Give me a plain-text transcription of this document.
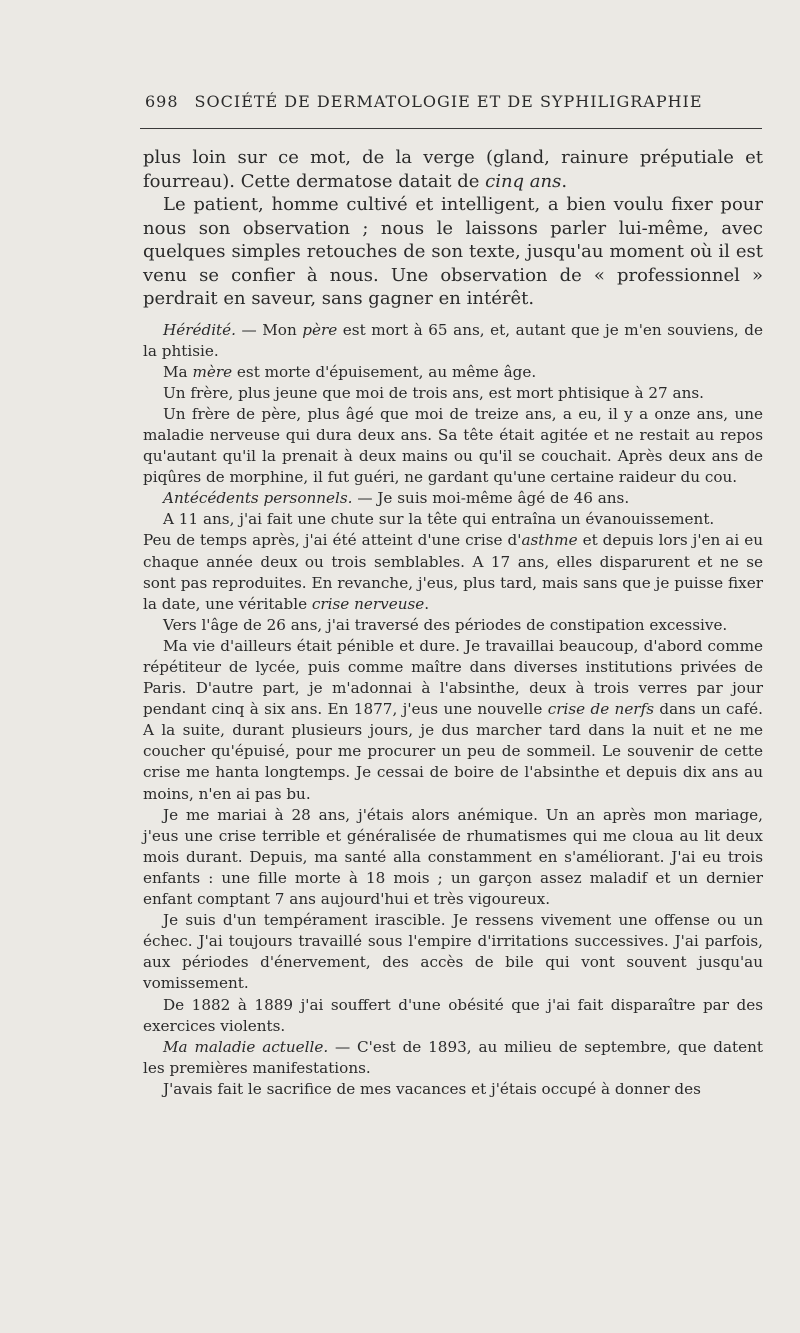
698 SOCIÉTÉ DE DERMATOLOGIE ET DE SYPHILIGRAPHIE

plus loin sur ce mot, de la verge (gland, rainure préputiale et fourreau). Cette dermatose datait de cinq ans.

Le patient, homme cultivé et intelligent, a bien voulu fixer pour nous son observation ; nous le laissons parler lui-même, avec quelques simples retouches de son texte, jusqu'au moment où il est venu se confier à nous. Une observation de « professionnel » perdrait en saveur, sans gagner en intérêt.

Hérédité. — Mon père est mort à 65 ans, et, autant que je m'en souviens, de la phtisie.

Ma mère est morte d'épuisement, au même âge.

Un frère, plus jeune que moi de trois ans, est mort phtisique à 27 ans.

Un frère de père, plus âgé que moi de treize ans, a eu, il y a onze ans, une maladie nerveuse qui dura deux ans. Sa tête était agitée et ne restait au repos qu'autant qu'il la prenait à deux mains ou qu'il se couchait. Après deux ans de piqûres de morphine, il fut guéri, ne gardant qu'une certaine raideur du cou.

Antécédents personnels. — Je suis moi-même âgé de 46 ans.

A 11 ans, j'ai fait une chute sur la tête qui entraîna un évanouissement.

Peu de temps après, j'ai été atteint d'une crise d'asthme et depuis lors j'en ai eu chaque année deux ou trois semblables. A 17 ans, elles disparurent et ne se sont pas reproduites. En revanche, j'eus, plus tard, mais sans que je puisse fixer la date, une véritable crise nerveuse.

Vers l'âge de 26 ans, j'ai traversé des périodes de constipation excessive.

Ma vie d'ailleurs était pénible et dure. Je travaillai beaucoup, d'abord comme répétiteur de lycée, puis comme maître dans diverses institutions privées de Paris. D'autre part, je m'adonnai à l'absinthe, deux à trois verres par jour pendant cinq à six ans. En 1877, j'eus une nouvelle crise de nerfs dans un café. A la suite, durant plusieurs jours, je dus marcher tard dans la nuit et ne me coucher qu'épuisé, pour me procurer un peu de sommeil. Le souvenir de cette crise me hanta longtemps. Je cessai de boire de l'absinthe et depuis dix ans au moins, n'en ai pas bu.

Je me mariai à 28 ans, j'étais alors anémique. Un an après mon mariage, j'eus une crise terrible et généralisée de rhumatismes qui me cloua au lit deux mois durant. Depuis, ma santé alla constamment en s'améliorant. J'ai eu trois enfants : une fille morte à 18 mois ; un garçon assez maladif et un dernier enfant comptant 7 ans aujourd'hui et très vigoureux.

Je suis d'un tempérament irascible. Je ressens vivement une offense ou un échec. J'ai toujours travaillé sous l'empire d'irritations successives. J'ai parfois, aux périodes d'énervement, des accès de bile qui vont souvent jusqu'au vomissement.

De 1882 à 1889 j'ai souffert d'une obésité que j'ai fait disparaître par des exercices violents.

Ma maladie actuelle. — C'est de 1893, au milieu de septembre, que datent les premières manifestations.

J'avais fait le sacrifice de mes vacances et j'étais occupé à donner des
